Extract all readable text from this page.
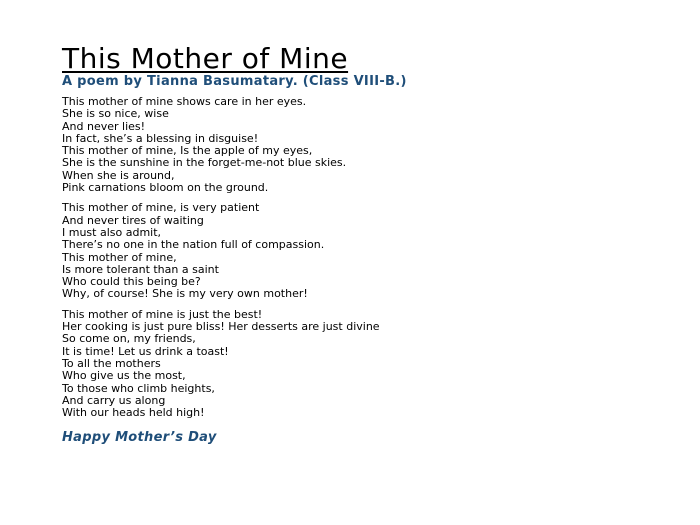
This Mother of Mine

A poem by Tianna Basumatary. (Class VIII-B.)

This mother of mine shows care in her eyes.
She is so nice, wise
And never lies!
In fact, she’s a blessing in disguise!
This mother of mine, Is the apple of my eyes,
She is the sunshine in the forget-me-not blue skies.
When she is around,
Pink carnations bloom on the ground.
This mother of mine, is very patient
And never tires of waiting
I must also admit,
There’s no one in the nation full of compassion.
This mother of mine,
Is more tolerant than a saint
Who could this being be?
Why, of course! She is my very own mother!
This mother of mine is just the best!
Her cooking is just pure bliss! Her desserts are just divine
So come on, my friends,
It is time! Let us drink a toast!
To all the mothers
Who give us the most,
To those who climb heights,
And carry us along
With our heads held high!
Happy Mother’s Day
